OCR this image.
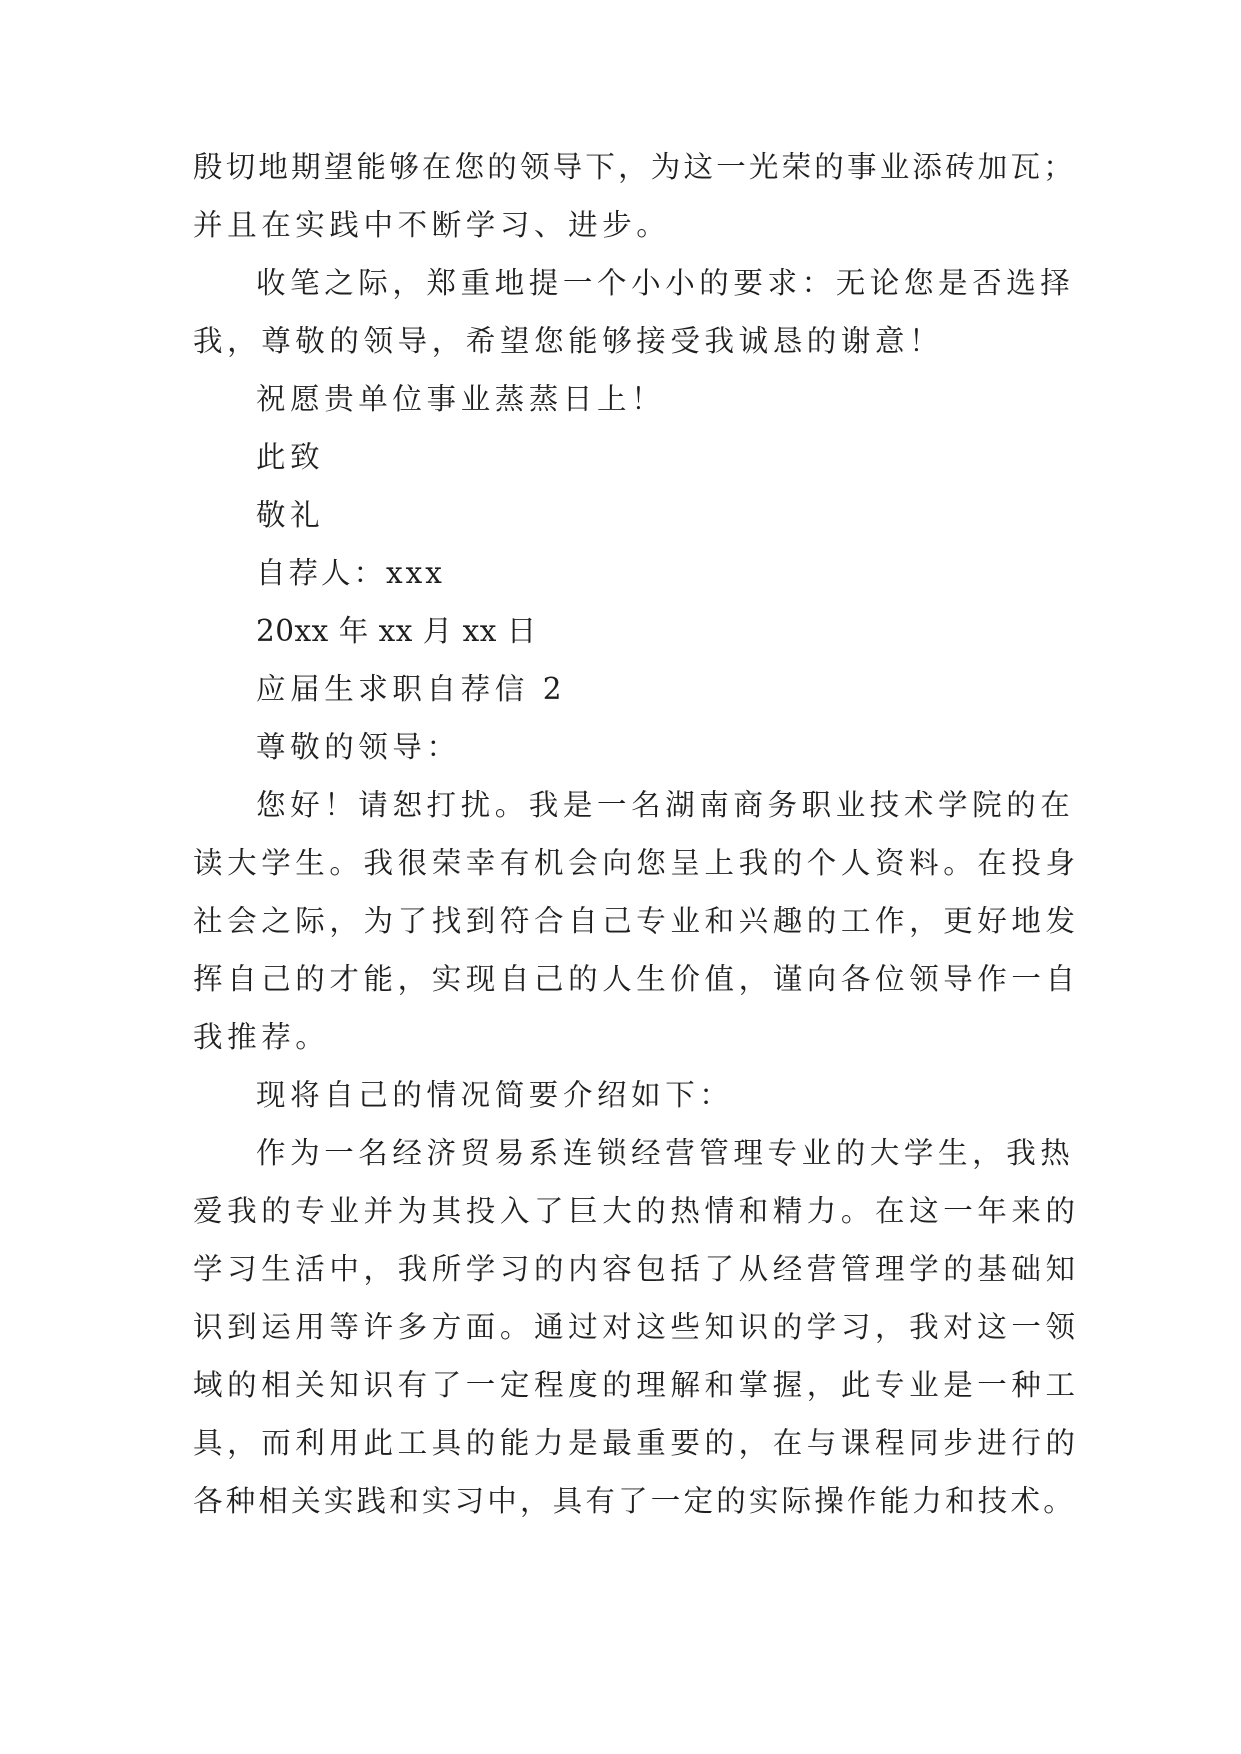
殷切地期望能够在您的领导下，为这一光荣的事业添砖加瓦；
并且在实践中不断学习、进步。
收笔之际，郑重地提一个小小的要求：无论您是否选择
我，尊敬的领导，希望您能够接受我诚恳的谢意！
祝愿贵单位事业蒸蒸日上！
此致
敬礼
自荐人：xxx
20xx 年 xx 月 xx 日
应届生求职自荐信 2
尊敬的领导：
您好！请恕打扰。我是一名湖南商务职业技术学院的在
读大学生。我很荣幸有机会向您呈上我的个人资料。在投身
社会之际，为了找到符合自己专业和兴趣的工作，更好地发
挥自己的才能，实现自己的人生价值，谨向各位领导作一自
我推荐。
现将自己的情况简要介绍如下：
作为一名经济贸易系连锁经营管理专业的大学生，我热
爱我的专业并为其投入了巨大的热情和精力。在这一年来的
学习生活中，我所学习的内容包括了从经营管理学的基础知
识到运用等许多方面。通过对这些知识的学习，我对这一领
域的相关知识有了一定程度的理解和掌握，此专业是一种工
具，而利用此工具的能力是最重要的，在与课程同步进行的
各种相关实践和实习中，具有了一定的实际操作能力和技术。
